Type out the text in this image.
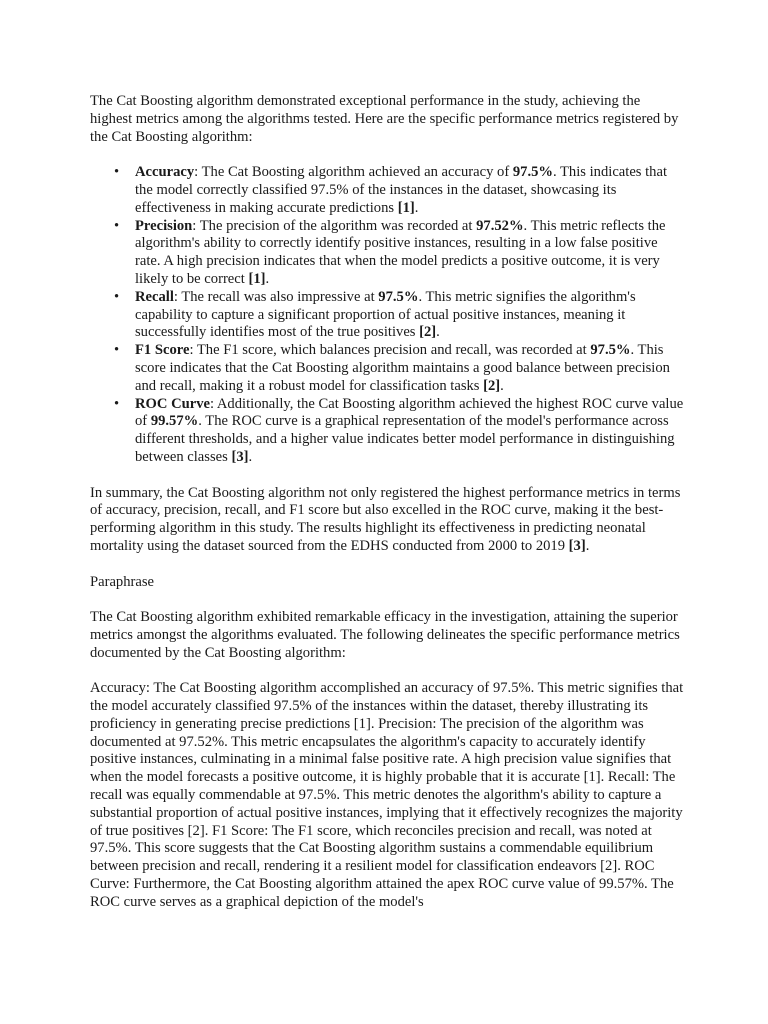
The Cat Boosting algorithm demonstrated exceptional performance in the study, achieving the highest metrics among the algorithms tested. Here are the specific performance metrics registered by the Cat Boosting algorithm:

• Accuracy: The Cat Boosting algorithm achieved an accuracy of 97.5%. This indicates that the model correctly classified 97.5% of the instances in the dataset, showcasing its effectiveness in making accurate predictions [1].
• Precision: The precision of the algorithm was recorded at 97.52%. This metric reflects the algorithm's ability to correctly identify positive instances, resulting in a low false positive rate. A high precision indicates that when the model predicts a positive outcome, it is very likely to be correct [1].
• Recall: The recall was also impressive at 97.5%. This metric signifies the algorithm's capability to capture a significant proportion of actual positive instances, meaning it successfully identifies most of the true positives [2].
• F1 Score: The F1 score, which balances precision and recall, was recorded at 97.5%. This score indicates that the Cat Boosting algorithm maintains a good balance between precision and recall, making it a robust model for classification tasks [2].
• ROC Curve: Additionally, the Cat Boosting algorithm achieved the highest ROC curve value of 99.57%. The ROC curve is a graphical representation of the model's performance across different thresholds, and a higher value indicates better model performance in distinguishing between classes [3].

In summary, the Cat Boosting algorithm not only registered the highest performance metrics in terms of accuracy, precision, recall, and F1 score but also excelled in the ROC curve, making it the best-performing algorithm in this study. The results highlight its effectiveness in predicting neonatal mortality using the dataset sourced from the EDHS conducted from 2000 to 2019 [3].

Paraphrase

The Cat Boosting algorithm exhibited remarkable efficacy in the investigation, attaining the superior metrics amongst the algorithms evaluated. The following delineates the specific performance metrics documented by the Cat Boosting algorithm:

Accuracy: The Cat Boosting algorithm accomplished an accuracy of 97.5%. This metric signifies that the model accurately classified 97.5% of the instances within the dataset, thereby illustrating its proficiency in generating precise predictions [1]. Precision: The precision of the algorithm was documented at 97.52%. This metric encapsulates the algorithm's capacity to accurately identify positive instances, culminating in a minimal false positive rate. A high precision value signifies that when the model forecasts a positive outcome, it is highly probable that it is accurate [1]. Recall: The recall was equally commendable at 97.5%. This metric denotes the algorithm's ability to capture a substantial proportion of actual positive instances, implying that it effectively recognizes the majority of true positives [2]. F1 Score: The F1 score, which reconciles precision and recall, was noted at 97.5%. This score suggests that the Cat Boosting algorithm sustains a commendable equilibrium between precision and recall, rendering it a resilient model for classification endeavors [2]. ROC Curve: Furthermore, the Cat Boosting algorithm attained the apex ROC curve value of 99.57%. The ROC curve serves as a graphical depiction of the model's
